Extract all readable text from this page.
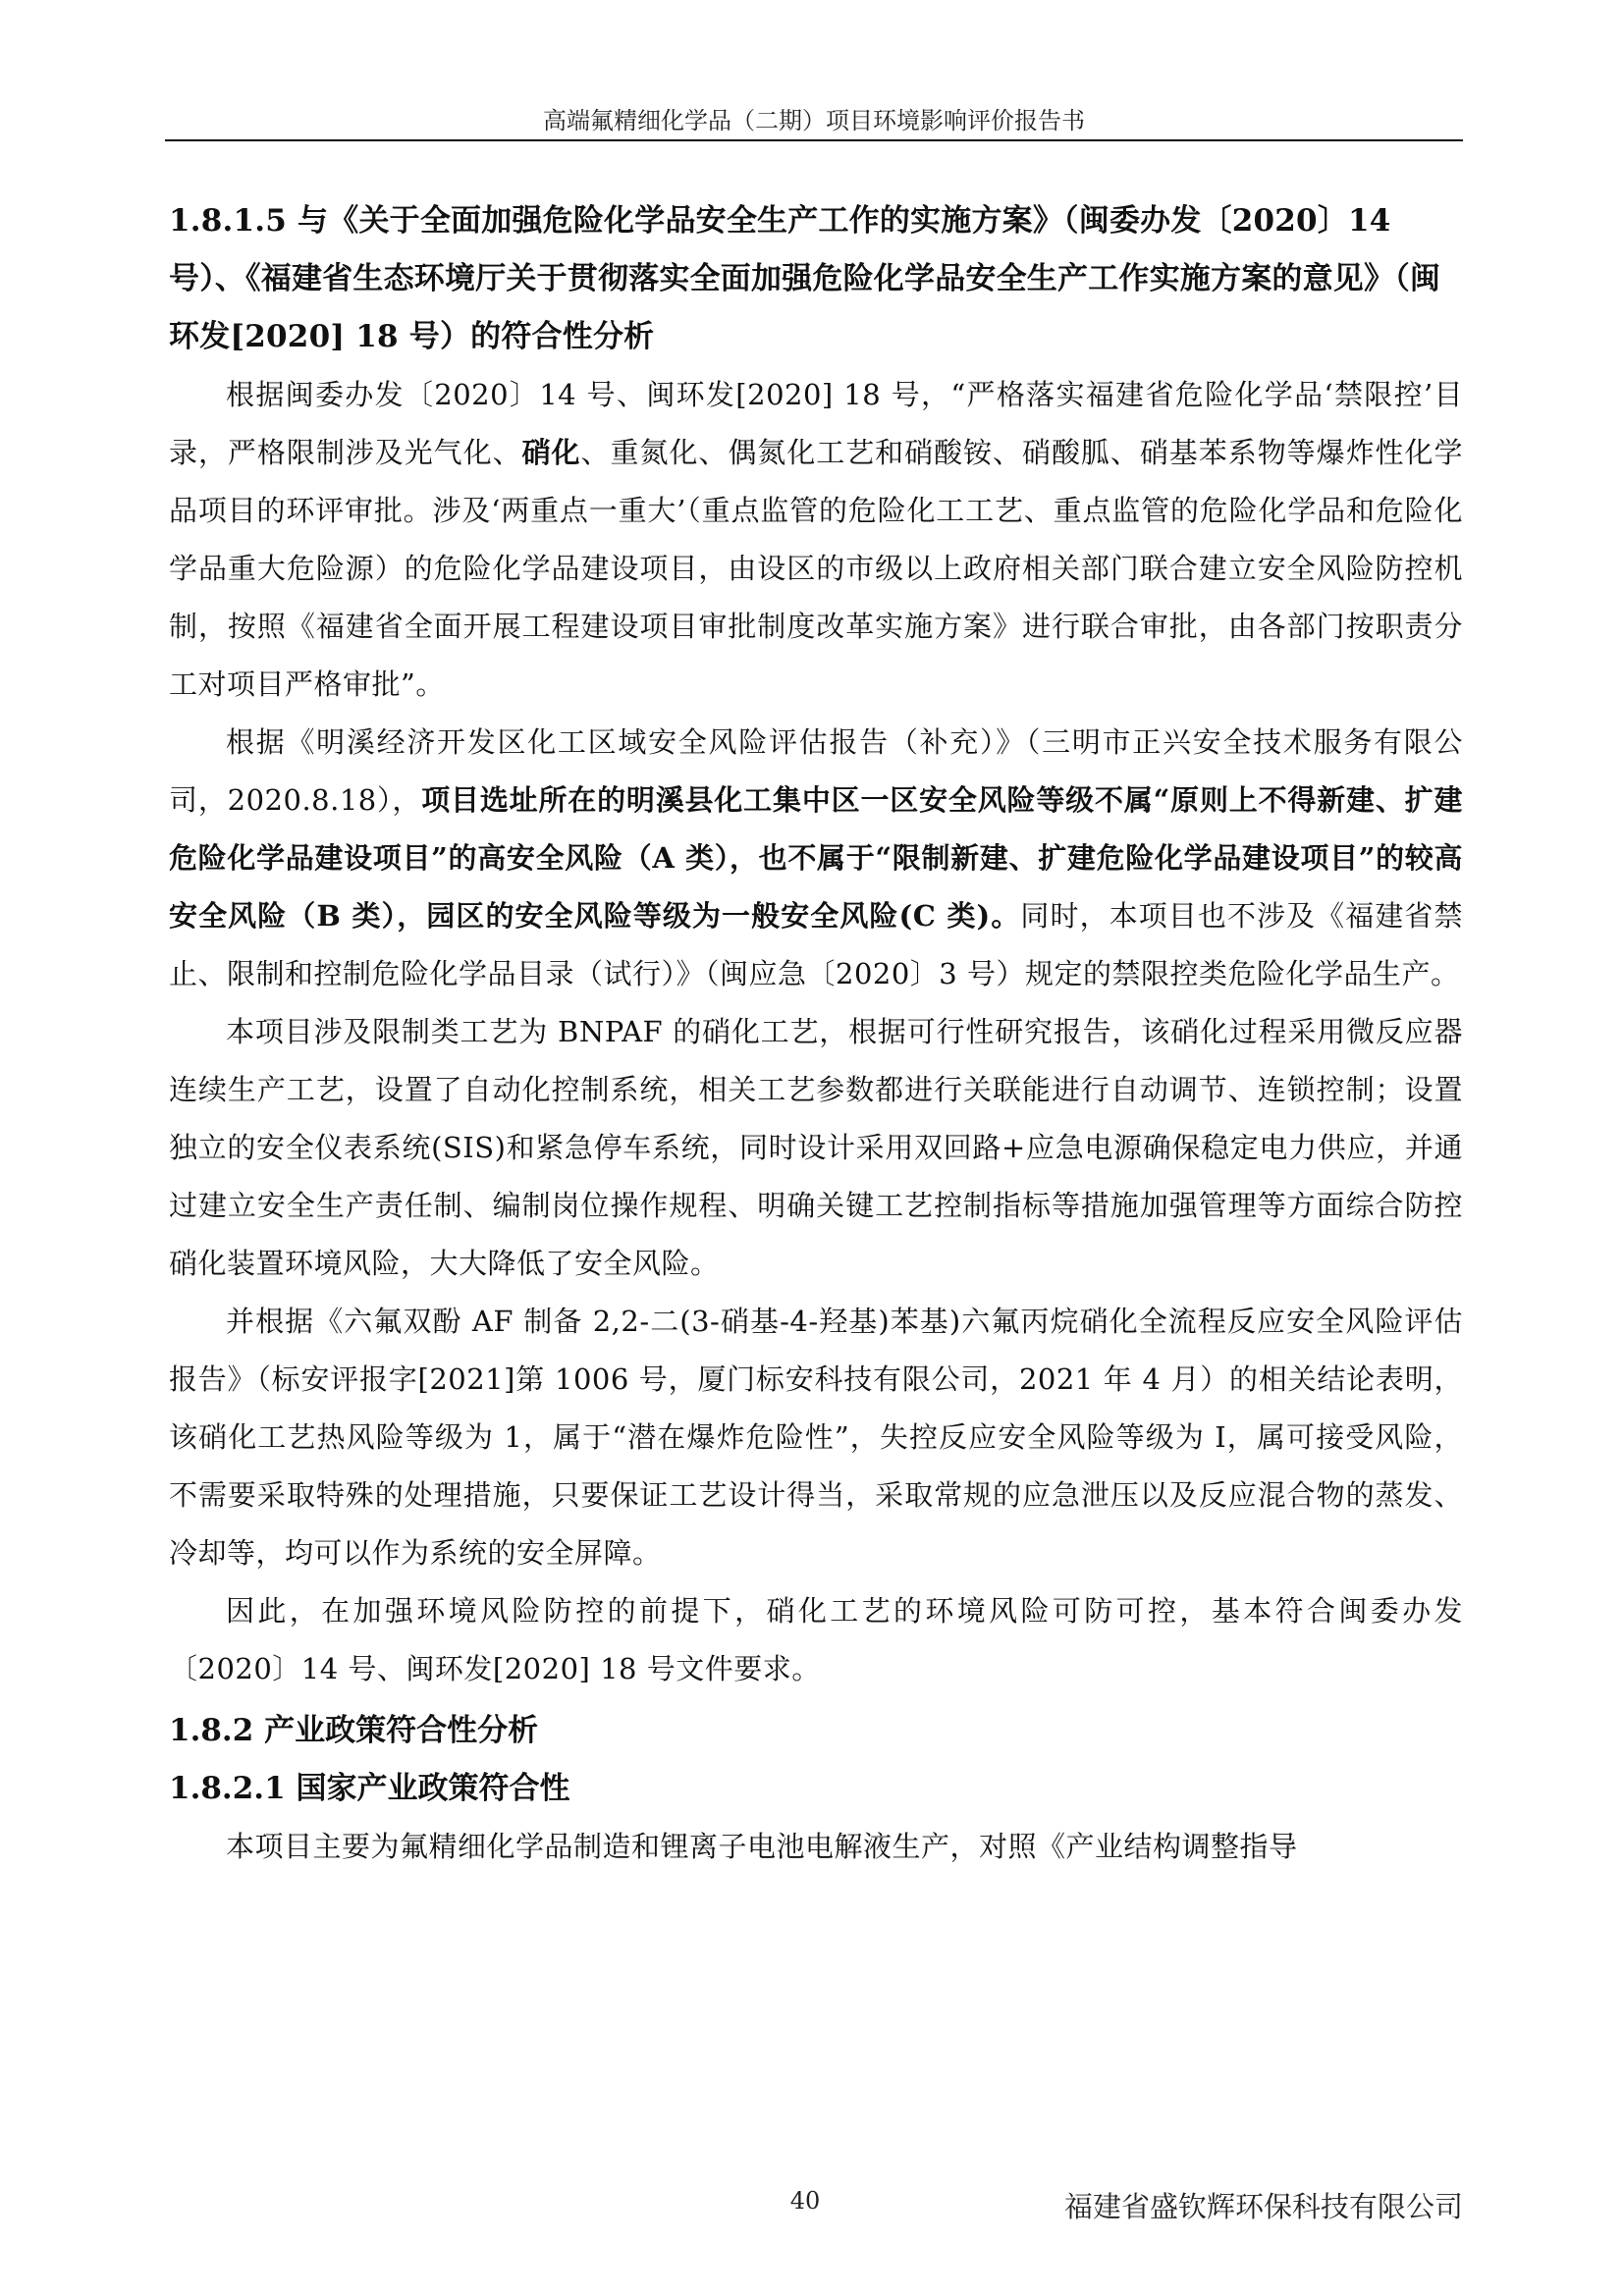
高端氟精细化学品（二期）项目环境影响评价报告书
1.8.1.5 与《关于全面加强危险化学品安全生产工作的实施方案》（闽委办发〔2020〕14 号）、《福建省生态环境厅关于贯彻落实全面加强危险化学品安全生产工作实施方案的意见》（闽环发[2020] 18 号）的符合性分析

根据闽委办发〔2020〕14 号、闽环发[2020] 18 号，“严格落实福建省危险化学品‘禁限控’目录，严格限制涉及光气化、硝化、重氮化、偶氮化工艺和硝酸铵、硝酸胍、硝基苯系物等爆炸性化学品项目的环评审批。涉及‘两重点一重大’（重点监管的危险化工工艺、重点监管的危险化学品和危险化学品重大危险源）的危险化学品建设项目，由设区的市级以上政府相关部门联合建立安全风险防控机制，按照《福建省全面开展工程建设项目审批制度改革实施方案》进行联合审批，由各部门按职责分工对项目严格审批”。

根据《明溪经济开发区化工区域安全风险评估报告（补充）》（三明市正兴安全技术服务有限公司，2020.8.18），项目选址所在的明溪县化工集中区一区安全风险等级不属“原则上不得新建、扩建危险化学品建设项目”的高安全风险（A 类），也不属于“限制新建、扩建危险化学品建设项目”的较高安全风险（B 类），园区的安全风险等级为一般安全风险(C 类)。同时，本项目也不涉及《福建省禁止、限制和控制危险化学品目录（试行）》（闽应急〔2020〕3 号）规定的禁限控类危险化学品生产。

本项目涉及限制类工艺为 BNPAF 的硝化工艺，根据可行性研究报告，该硝化过程采用微反应器连续生产工艺，设置了自动化控制系统，相关工艺参数都进行关联能进行自动调节、连锁控制；设置独立的安全仪表系统(SIS)和紧急停车系统，同时设计采用双回路+应急电源确保稳定电力供应，并通过建立安全生产责任制、编制岗位操作规程、明确关键工艺控制指标等措施加强管理等方面综合防控硝化装置环境风险，大大降低了安全风险。

并根据《六氟双酚 AF 制备 2,2-二(3-硝基-4-羟基)苯基)六氟丙烷硝化全流程反应安全风险评估报告》（标安评报字[2021]第 1006 号，厦门标安科技有限公司，2021 年 4 月）的相关结论表明，该硝化工艺热风险等级为 1，属于“潜在爆炸危险性”，失控反应安全风险等级为 I，属可接受风险，不需要采取特殊的处理措施，只要保证工艺设计得当，采取常规的应急泄压以及反应混合物的蒸发、冷却等，均可以作为系统的安全屏障。

因此，在加强环境风险防控的前提下，硝化工艺的环境风险可防可控，基本符合闽委办发〔2020〕14 号、闽环发[2020] 18 号文件要求。

1.8.2 产业政策符合性分析
1.8.2.1 国家产业政策符合性

本项目主要为氟精细化学品制造和锂离子电池电解液生产，对照《产业结构调整指导

40	福建省盛钦辉环保科技有限公司
